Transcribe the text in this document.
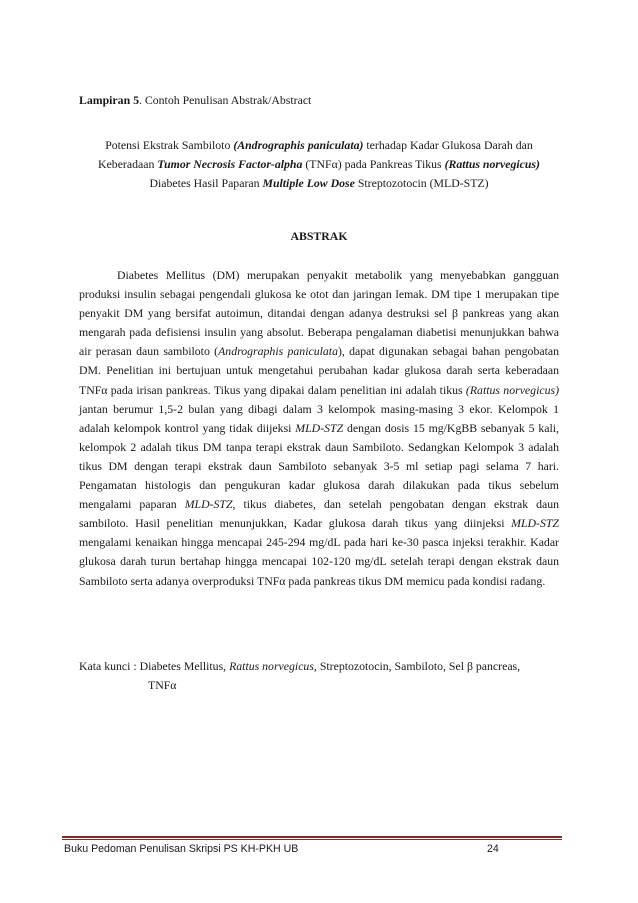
Lampiran 5. Contoh Penulisan Abstrak/Abstract
Potensi Ekstrak Sambiloto (Andrographis paniculata) terhadap Kadar Glukosa Darah dan
Keberadaan Tumor Necrosis Factor-alpha (TNFα) pada Pankreas Tikus (Rattus norvegicus)
Diabetes Hasil Paparan Multiple Low Dose Streptozotocin (MLD-STZ)
ABSTRAK

Diabetes Mellitus (DM) merupakan penyakit metabolik yang menyebabkan gangguan produksi insulin sebagai pengendali glukosa ke otot dan jaringan lemak. DM tipe 1 merupakan tipe penyakit DM yang bersifat autoimun, ditandai dengan adanya destruksi sel β pankreas yang akan mengarah pada defisiensi insulin yang absolut. Beberapa pengalaman diabetisi menunjukkan bahwa air perasan daun sambiloto (Andrographis paniculata), dapat digunakan sebagai bahan pengobatan DM. Penelitian ini bertujuan untuk mengetahui perubahan kadar glukosa darah serta keberadaan TNFα pada irisan pankreas. Tikus yang dipakai dalam penelitian ini adalah tikus (Rattus norvegicus) jantan berumur 1,5-2 bulan yang dibagi dalam 3 kelompok masing-masing 3 ekor. Kelompok 1 adalah kelompok kontrol yang tidak diijeksi MLD-STZ dengan dosis 15 mg/KgBB sebanyak 5 kali, kelompok 2 adalah tikus DM tanpa terapi ekstrak daun Sambiloto. Sedangkan Kelompok 3 adalah tikus DM dengan terapi ekstrak daun Sambiloto sebanyak 3-5 ml setiap pagi selama 7 hari. Pengamatan histologis dan pengukuran kadar glukosa darah dilakukan pada tikus sebelum mengalami paparan MLD-STZ, tikus diabetes, dan setelah pengobatan dengan ekstrak daun sambiloto. Hasil penelitian menunjukkan, Kadar glukosa darah tikus yang diinjeksi MLD-STZ mengalami kenaikan hingga mencapai 245-294 mg/dL pada hari ke-30 pasca injeksi terakhir. Kadar glukosa darah turun bertahap hingga mencapai 102-120 mg/dL setelah terapi dengan ekstrak daun Sambiloto serta adanya overproduksi TNFα pada pankreas tikus DM memicu pada kondisi radang.

Kata kunci : Diabetes Mellitus, Rattus norvegicus, Streptozotocin, Sambiloto, Sel β pancreas,
TNFα
Buku Pedoman Penulisan Skripsi PS KH-PKH UB	24
